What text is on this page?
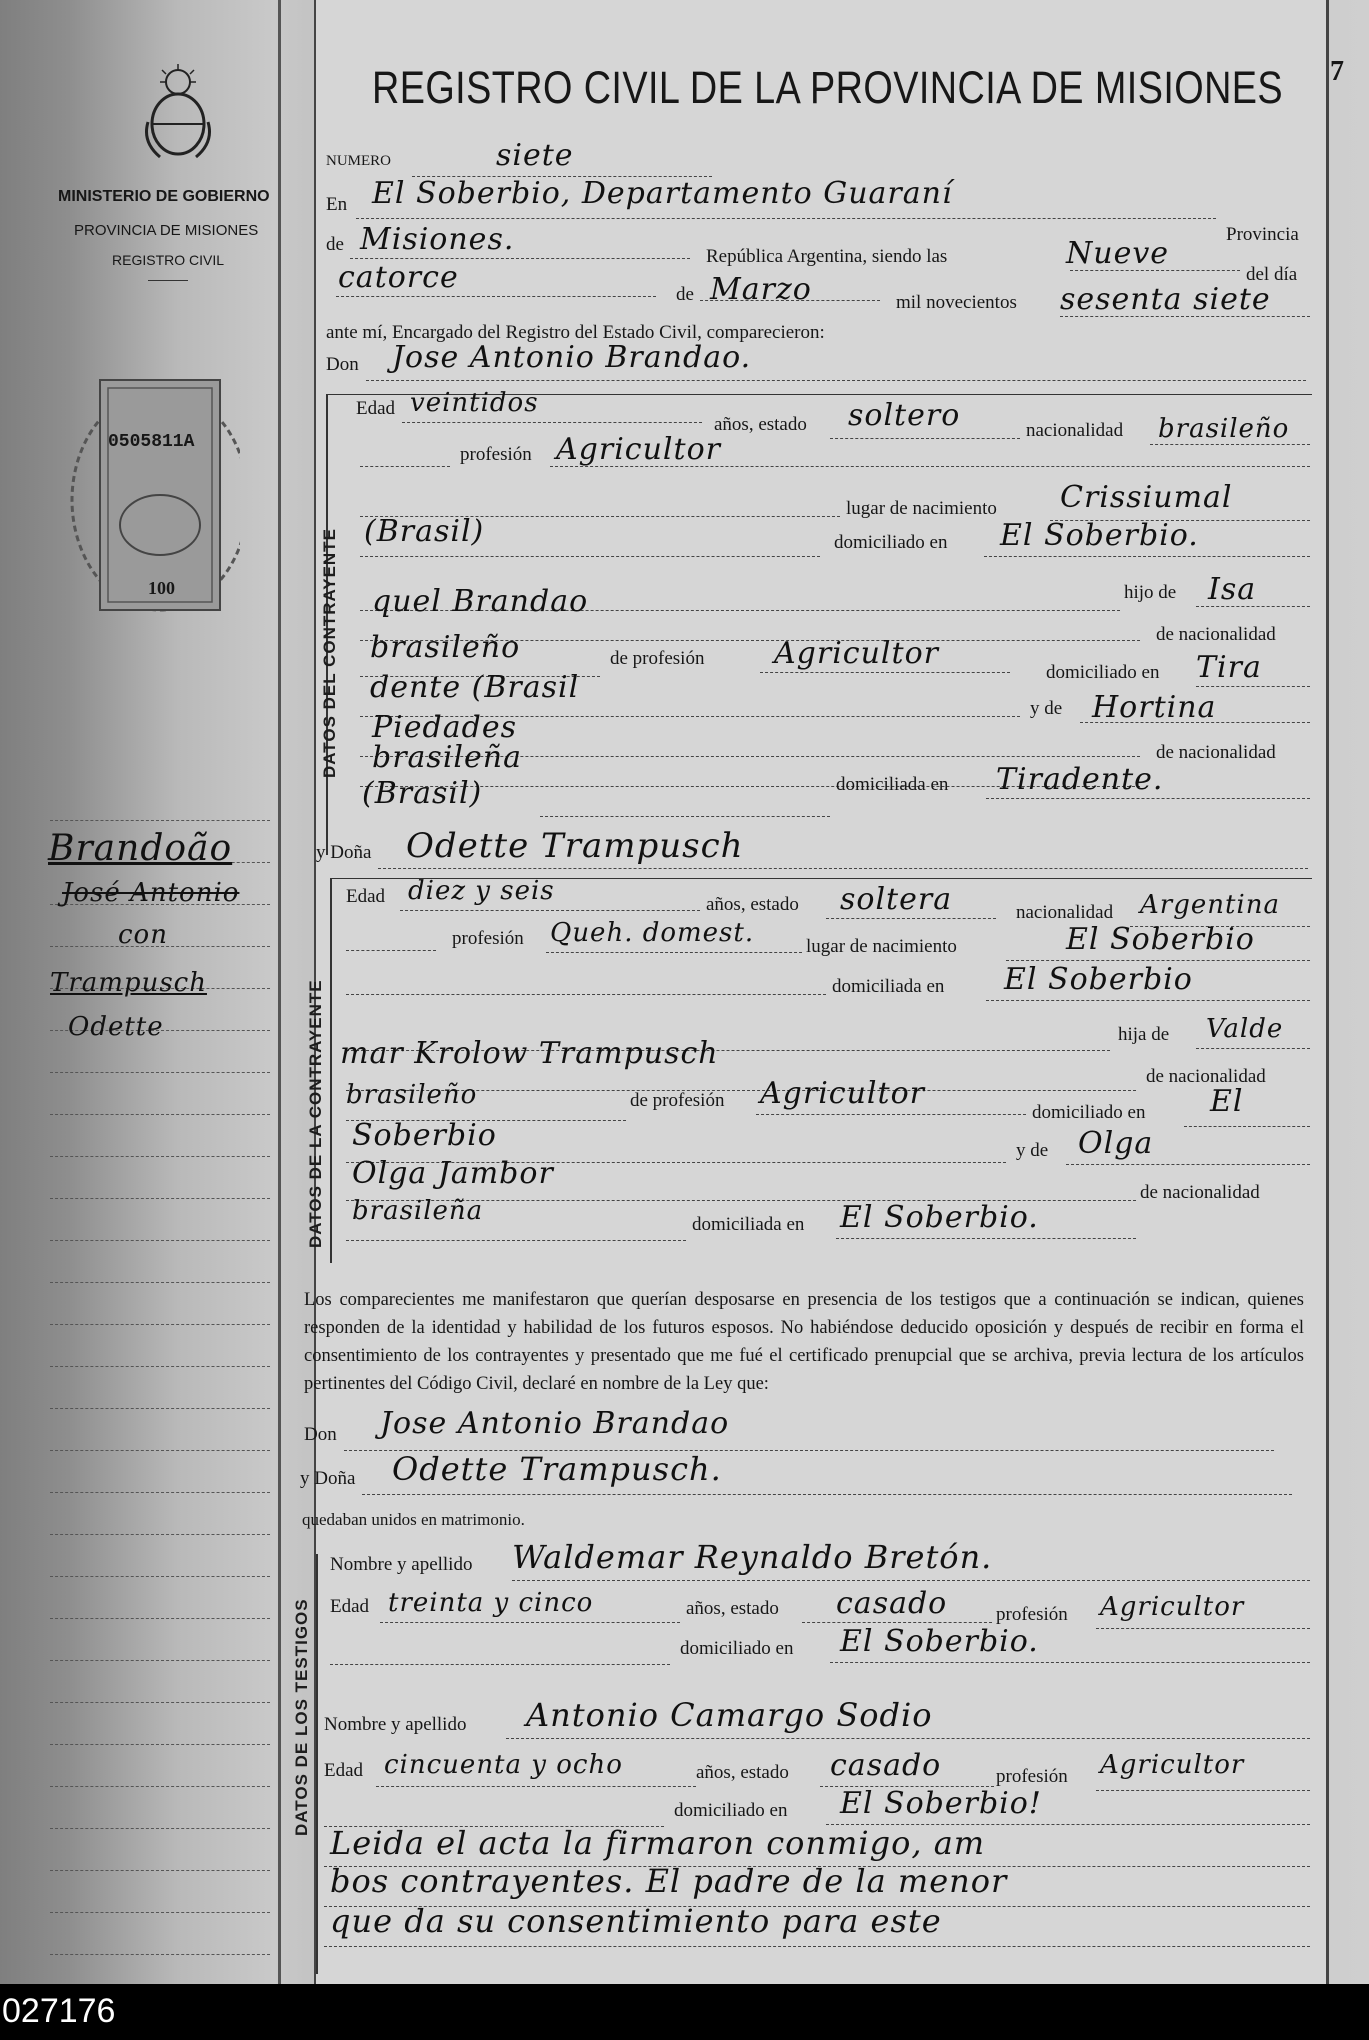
MINISTERIO DE GOBIERNO
PROVINCIA DE MISIONES
REGISTRO CIVIL
0505811A
100
Brandoão
José Antonio
con
Trampusch
Odette
7
REGISTRO CIVIL DE LA PROVINCIA DE MISIONES
NUMERO	siete
En El Soberbio, Departamento Guaraní
Provincia
de Misiones.	República Argentina, siendo las	Nueve
del día
catorce	de Marzo	mil novecientos sesenta siete
ante mí, Encargado del Registro del Estado Civil, comparecieron:
Don Jose Antonio Brandao.
DATOS DEL CONTRAYENTE
Edad veintidos
años, estado soltero	nacionalidad brasileño
profesión Agricultor
lugar de nacimiento Crissiumal
(Brasil)	domiciliado en El Soberbio.
hijo de Isa
quel Brandao
de nacionalidad
brasileño	de profesión Agricultor
domiciliado en Tira
dente (Brasil
y de Hortina
Piedades
de nacionalidad
brasileña
(Brasil)	domiciliada en Tiradente.
y Doña Odette Trampusch
DATOS DE LA CONTRAYENTE
Edad diez y seis	años, estado soltera	nacionalidad Argentina
profesión Queh. domest.	lugar de nacimiento	El Soberbio
domiciliada en El Soberbio
hija de Valde
mar Krolow Trampusch
de nacionalidad
brasileño	de profesión Agricultor
domiciliado en El
Soberbio	y de Olga
Olga Jambor
de nacionalidad
brasileña	domiciliada en El Soberbio.
Los comparecientes me manifestaron que querían desposarse en presencia de los testigos que a continuación se indican, quienes responden de la identidad y habilidad de los futuros esposos. No habiéndose deducido oposición y después de recibir en forma el consentimiento de los contrayentes y presentado que me fué el certificado prenupcial que se archiva, previa lectura de los artículos pertinentes del Código Civil, declaré en nombre de la Ley que:
Don Jose Antonio Brandao
y Doña Odette Trampusch.
quedaban unidos en matrimonio.
DATOS DE LOS TESTIGOS
Nombre y apellido Waldemar Reynaldo Bretón.
Edad treinta y cinco	años, estado casado	profesión Agricultor
domiciliado en El Soberbio.
Nombre y apellido Antonio Camargo Sodio
Edad cincuenta y ocho	años, estado casado	profesión Agricultor
domiciliado en El Soberbio!
Leida el acta la firmaron conmigo, am
bos contrayentes. El padre de la menor
que da su consentimiento para este
027176
